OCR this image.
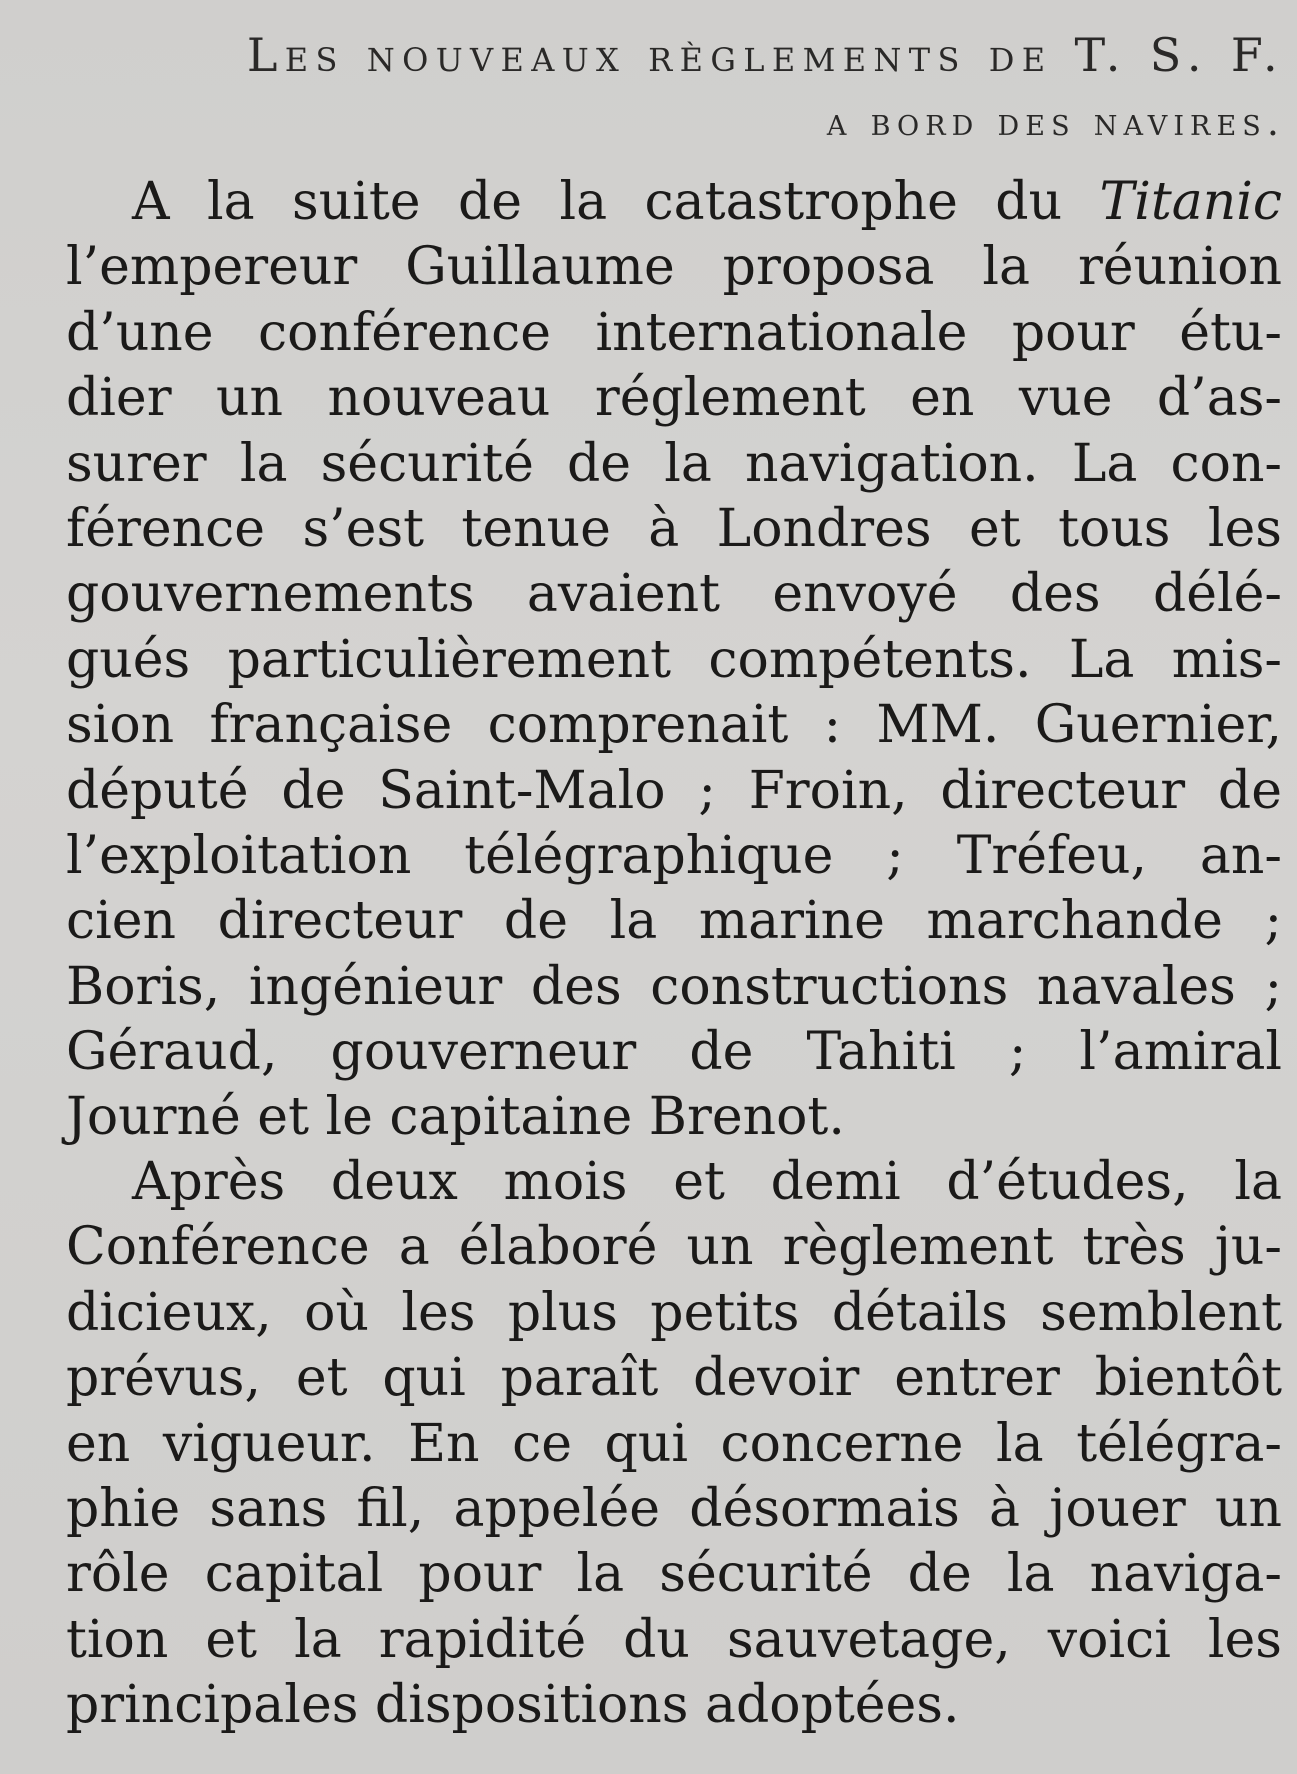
Les nouveaux règlements de T. S. F.
a bord des navires.
A la suite de la catastrophe du Titanic
l’empereur Guillaume proposa la réunion
d’une conférence internationale pour étu-
dier un nouveau réglement en vue d’as-
surer la sécurité de la navigation. La con-
férence s’est tenue à Londres et tous les
gouvernements avaient envoyé des délé-
gués particulièrement compétents. La mis-
sion française comprenait : MM. Guernier,
député de Saint-Malo ; Froin, directeur de
l’exploitation télégraphique ; Tréfeu, an-
cien directeur de la marine marchande ;
Boris, ingénieur des constructions navales ;
Géraud, gouverneur de Tahiti ; l’amiral
Journé et le capitaine Brenot.
Après deux mois et demi d’études, la
Conférence a élaboré un règlement très ju-
dicieux, où les plus petits détails semblent
prévus, et qui paraît devoir entrer bientôt
en vigueur. En ce qui concerne la télégra-
phie sans fil, appelée désormais à jouer un
rôle capital pour la sécurité de la naviga-
tion et la rapidité du sauvetage, voici les
principales dispositions adoptées.
